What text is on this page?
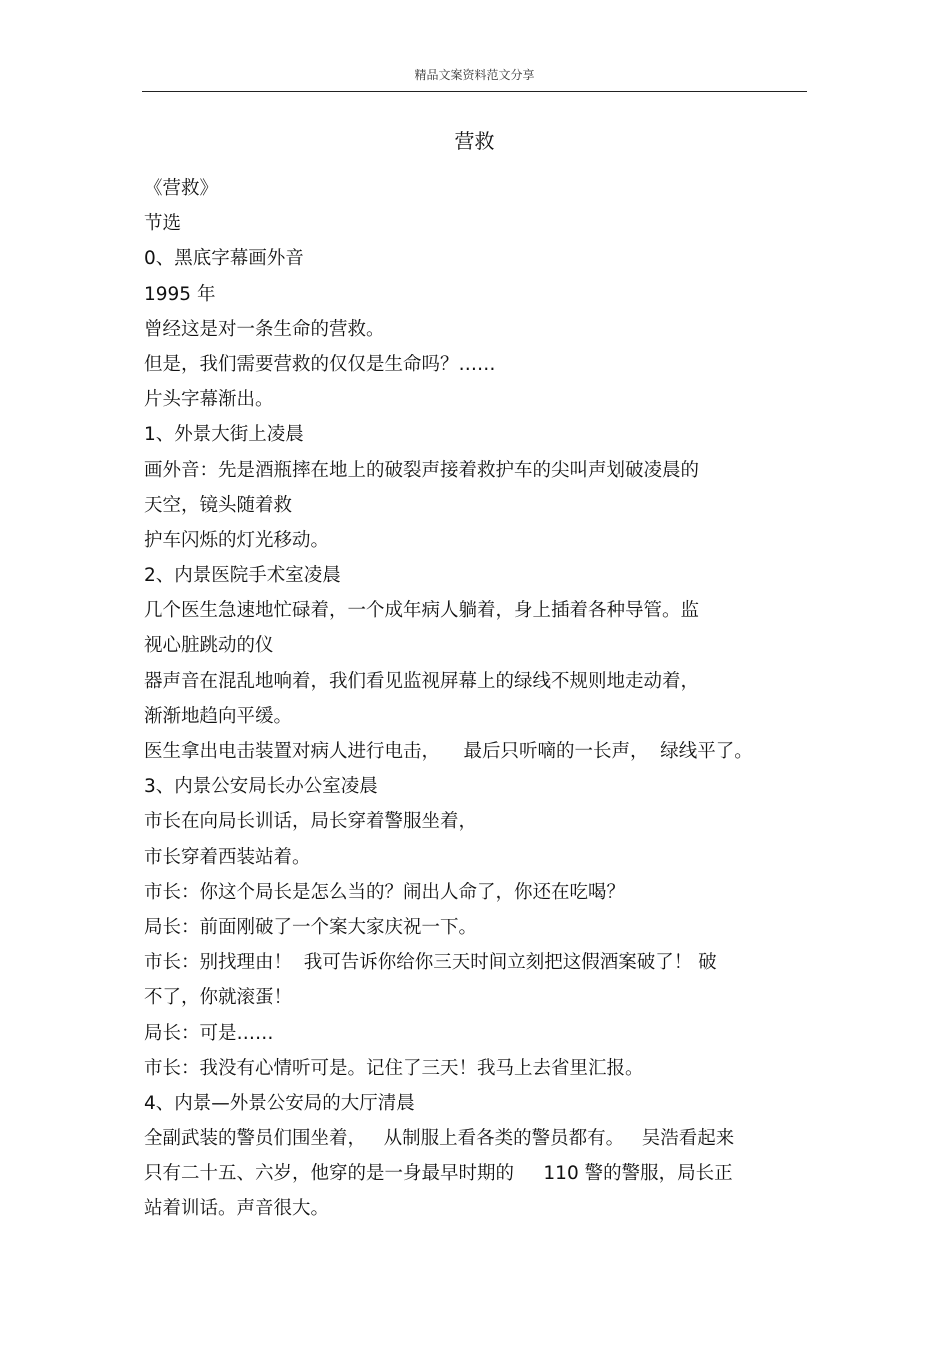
精品文案资料范文分享
营救
《营救》
节选
0、黑底字幕画外音
1995 年
曾经这是对一条生命的营救。
但是，我们需要营救的仅仅是生命吗？……
片头字幕渐出。
1、外景大街上凌晨
画外音：先是酒瓶摔在地上的破裂声接着救护车的尖叫声划破凌晨的
天空，镜头随着救
护车闪烁的灯光移动。
2、内景医院手术室凌晨
几个医生急速地忙碌着，一个成年病人躺着，身上插着各种导管。监
视心脏跳动的仪
器声音在混乱地响着，我们看见监视屏幕上的绿线不规则地走动着，
渐渐地趋向平缓。
医生拿出电击装置对病人进行电击，    最后只听嘀的一长声，  绿线平了。
3、内景公安局长办公室凌晨
市长在向局长训话，局长穿着警服坐着，
市长穿着西装站着。
市长：你这个局长是怎么当的？闹出人命了，你还在吃喝？
局长：前面刚破了一个案大家庆祝一下。
市长：别找理由！  我可告诉你给你三天时间立刻把这假酒案破了！ 破
不了，你就滚蛋！
局长：可是……
市长：我没有心情听可是。记住了三天！我马上去省里汇报。
4、内景—外景公安局的大厅清晨
全副武装的警员们围坐着，   从制服上看各类的警员都有。   吴浩看起来
只有二十五、六岁，他穿的是一身最早时期的     110 警的警服，局长正
站着训话。声音很大。
